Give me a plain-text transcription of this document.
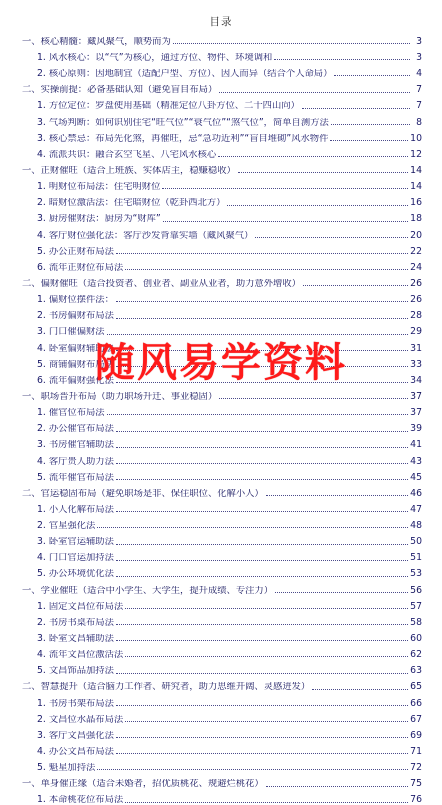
目录
一、核心精髓：藏风聚气，顺势而为	3
1. 风水核心：以“气”为核心，通过方位、物件、环境调和	3
2. 核心原则：因地制宜（适配户型、方位）、因人而异（结合个人命局）	4
二、实操前提：必备基础认知（避免盲目布局）	7
1. 方位定位：罗盘使用基础（精准定位八卦方位、二十四山向）	7
3. 气场判断：如何识别住宅“旺气位”“衰气位”“煞气位”，简单自测方法	8
3. 核心禁忌：布局先化煞，再催旺，忌“急功近利”“盲目堆砌”风水物件	10
4. 流派共识：融合玄空飞星、八宅风水核心	12
一、正财催旺（适合上班族、实体店主，稳赚稳收）	14
1. 明财位布局法：住宅明财位	14
2. 暗财位激活法：住宅暗财位（乾卦西北方）	16
3. 厨房催财法：厨房为“财库”	18
4. 客厅财位强化法：客厅沙发背靠实墙（藏风聚气）	20
5. 办公正财布局法	22
6. 流年正财位布局法	24
二、偏财催旺（适合投资者、创业者、副业从业者，助力意外增收）	26
1. 偏财位摆件法：	26
2. 书房偏财布局法	28
3. 门口催偏财法	29
4. 卧室偏财辅助法	31
5. 商铺偏财布局法	33
6. 流年偏财强化法	34
一、职场晋升布局（助力职场升迁、事业稳固）	37
1. 催官位布局法	37
2. 办公催官布局法	39
3. 书房催官辅助法	41
4. 客厅贵人助力法	43
5. 流年催官布局法	45
二、官运稳固布局（避免职场是非、保住职位、化解小人）	46
1. 小人化解布局法	47
2. 官星强化法	48
3. 卧室官运辅助法	50
4. 门口官运加持法	51
5. 办公环境优化法	53
一、学业催旺（适合中小学生、大学生，提升成绩、专注力）	56
1. 固定文昌位布局法	57
2. 书房书桌布局法	58
3. 卧室文昌辅助法	60
4. 流年文昌位激活法	62
5. 文昌饰品加持法	63
二、智慧提升（适合脑力工作者、研究者，助力思维开阔、灵感迸发）	65
1. 书房书架布局法	66
2. 文昌位水晶布局法	67
3. 客厅文昌强化法	69
4. 办公文昌布局法	71
5. 魁星加持法	72
一、单身催正缘（适合未婚者，招优质桃花、规避烂桃花）	75
1. 本命桃花位布局法	76
随风易学资料
